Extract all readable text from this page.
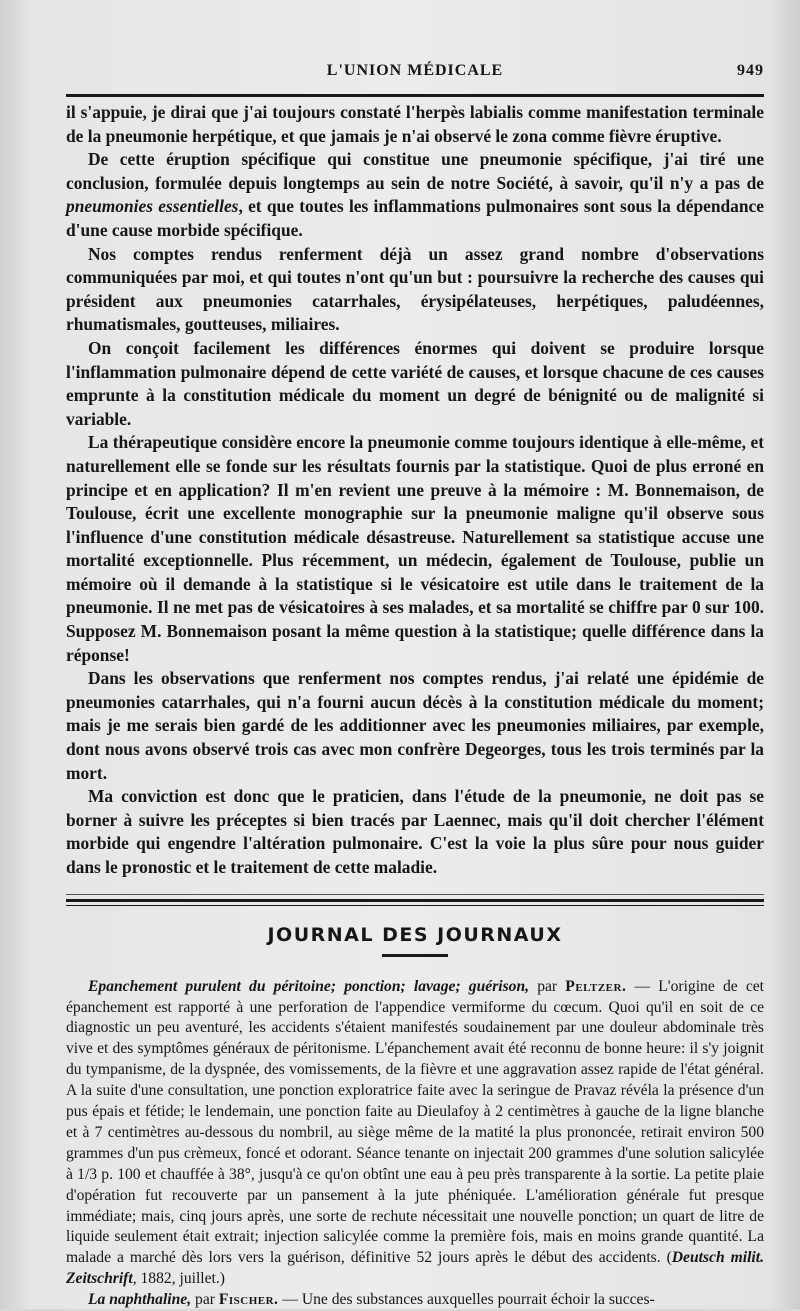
L'UNION MÉDICALE	949

il s'appuie, je dirai que j'ai toujours constaté l'herpès labialis comme manifestation terminale de la pneumonie herpétique, et que jamais je n'ai observé le zona comme fièvre éruptive.

De cette éruption spécifique qui constitue une pneumonie spécifique, j'ai tiré une conclusion, formulée depuis longtemps au sein de notre Société, à savoir, qu'il n'y a pas de pneumonies essentielles, et que toutes les inflammations pulmonaires sont sous la dépendance d'une cause morbide spécifique.

Nos comptes rendus renferment déjà un assez grand nombre d'observations communiquées par moi, et qui toutes n'ont qu'un but : poursuivre la recherche des causes qui président aux pneumonies catarrhales, érysipélateuses, herpétiques, paludéennes, rhumatismales, goutteuses, miliaires.

On conçoit facilement les différences énormes qui doivent se produire lorsque l'inflammation pulmonaire dépend de cette variété de causes, et lorsque chacune de ces causes emprunte à la constitution médicale du moment un degré de bénignité ou de malignité si variable.

La thérapeutique considère encore la pneumonie comme toujours identique à elle-même, et naturellement elle se fonde sur les résultats fournis par la statistique. Quoi de plus erroné en principe et en application? Il m'en revient une preuve à la mémoire : M. Bonnemaison, de Toulouse, écrit une excellente monographie sur la pneumonie maligne qu'il observe sous l'influence d'une constitution médicale désastreuse. Naturellement sa statistique accuse une mortalité exceptionnelle. Plus récemment, un médecin, également de Toulouse, publie un mémoire où il demande à la statistique si le vésicatoire est utile dans le traitement de la pneumonie. Il ne met pas de vésicatoires à ses malades, et sa mortalité se chiffre par 0 sur 100. Supposez M. Bonnemaison posant la même question à la statistique; quelle différence dans la réponse!

Dans les observations que renferment nos comptes rendus, j'ai relaté une épidémie de pneumonies catarrhales, qui n'a fourni aucun décès à la constitution médicale du moment; mais je me serais bien gardé de les additionner avec les pneumonies miliaires, par exemple, dont nous avons observé trois cas avec mon confrère Degeorges, tous les trois terminés par la mort.

Ma conviction est donc que le praticien, dans l'étude de la pneumonie, ne doit pas se borner à suivre les préceptes si bien tracés par Laennec, mais qu'il doit chercher l'élément morbide qui engendre l'altération pulmonaire. C'est la voie la plus sûre pour nous guider dans le pronostic et le traitement de cette maladie.

JOURNAL DES JOURNAUX

Epanchement purulent du péritoine; ponction; lavage; guérison, par Peltzer. — L'origine de cet épanchement est rapporté à une perforation de l'appendice vermiforme du cœcum. Quoi qu'il en soit de ce diagnostic un peu aventuré, les accidents s'étaient manifestés soudainement par une douleur abdominale très vive et des symptômes généraux de péritonisme. L'épanchement avait été reconnu de bonne heure: il s'y joignit du tympanisme, de la dyspnée, des vomissements, de la fièvre et une aggravation assez rapide de l'état général. A la suite d'une consultation, une ponction exploratrice faite avec la seringue de Pravaz révéla la présence d'un pus épais et fétide; le lendemain, une ponction faite au Dieulafoy à 2 centimètres à gauche de la ligne blanche et à 7 centimètres au-dessous du nombril, au siège même de la matité la plus prononcée, retirait environ 500 grammes d'un pus crèmeux, foncé et odorant. Séance tenante on injectait 200 grammes d'une solution salicylée à 1/3 p. 100 et chauffée à 38°, jusqu'à ce qu'on obtînt une eau à peu près transparente à la sortie. La petite plaie d'opération fut recouverte par un pansement à la jute phéniquée. L'amélioration générale fut presque immédiate; mais, cinq jours après, une sorte de rechute nécessitait une nouvelle ponction; un quart de litre de liquide seulement était extrait; injection salicylée comme la première fois, mais en moins grande quantité. La malade a marché dès lors vers la guérison, définitive 52 jours après le début des accidents. (Deutsch milit. Zeitschrift, 1882, juillet.)

La naphthaline, par Fischer. — Une des substances auxquelles pourrait échoir la succes-
